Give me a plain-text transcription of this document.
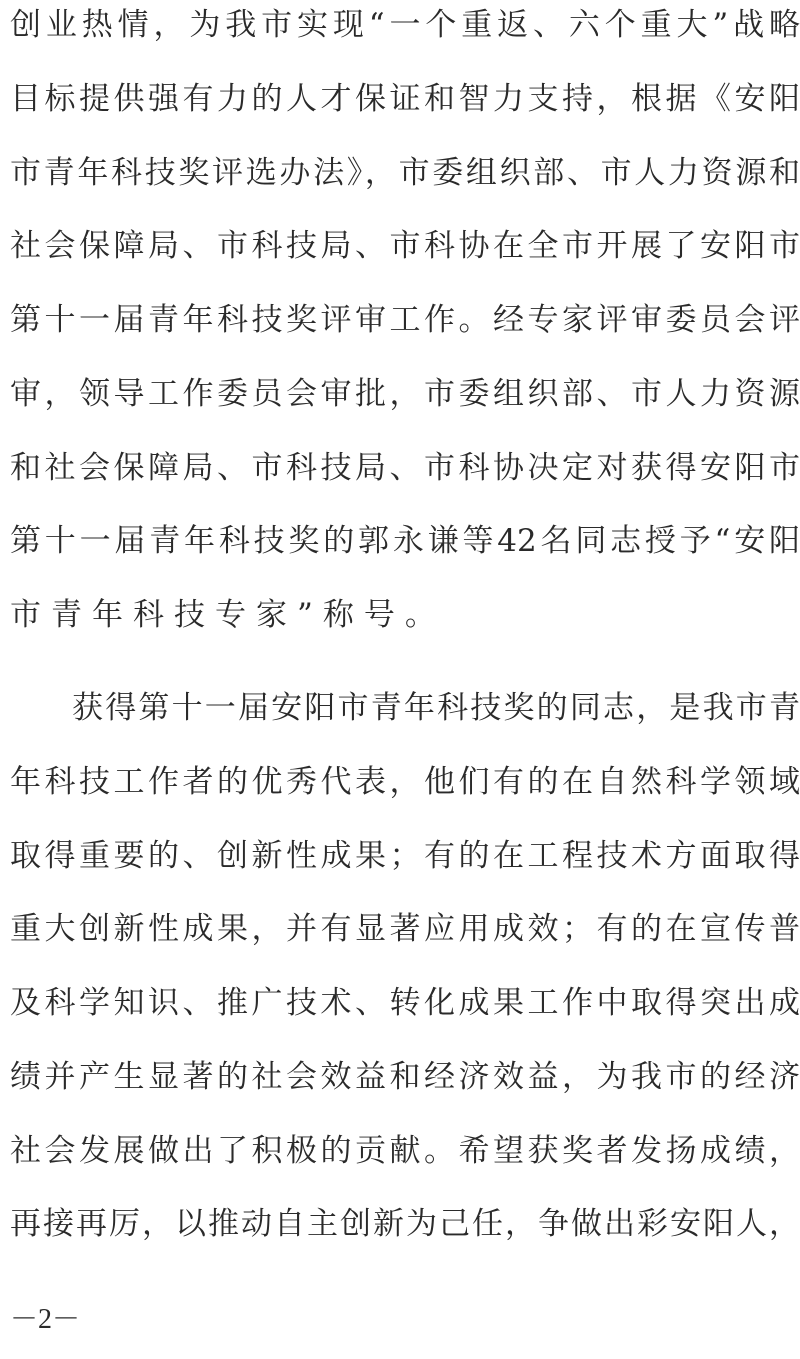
创业热情，为我市实现“一个重返、六个重大”战略
目标提供强有力的人才保证和智力支持，根据《安阳
市青年科技奖评选办法》，市委组织部、市人力资源和
社会保障局、市科技局、市科协在全市开展了安阳市
第十一届青年科技奖评审工作。经专家评审委员会评
审，领导工作委员会审批，市委组织部、市人力资源
和社会保障局、市科技局、市科协决定对获得安阳市
第十一届青年科技奖的郭永谦等42名同志授予“安阳
市青年科技专家”称号。
获得第十一届安阳市青年科技奖的同志，是我市青
年科技工作者的优秀代表，他们有的在自然科学领域
取得重要的、创新性成果；有的在工程技术方面取得
重大创新性成果，并有显著应用成效；有的在宣传普
及科学知识、推广技术、转化成果工作中取得突出成
绩并产生显著的社会效益和经济效益，为我市的经济
社会发展做出了积极的贡献。希望获奖者发扬成绩，
再接再厉，以推动自主创新为己任，争做出彩安阳人，
－2－
